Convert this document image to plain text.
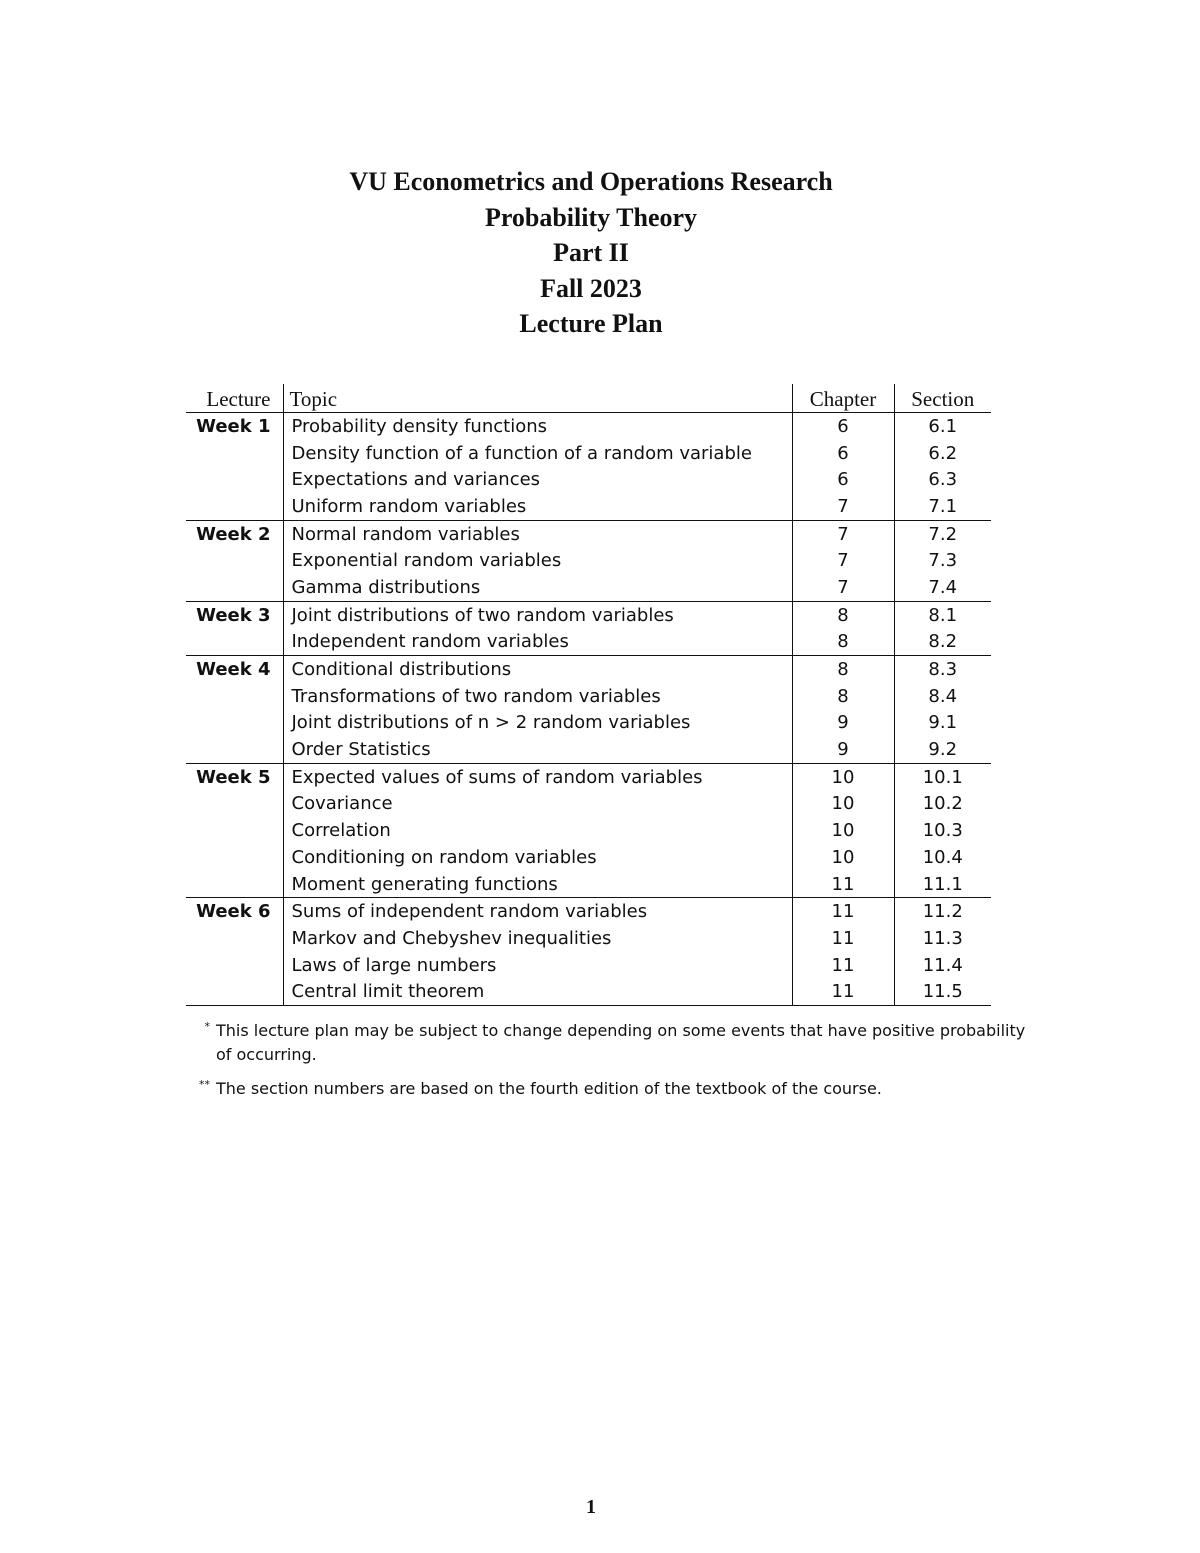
VU Econometrics and Operations Research
Probability Theory
Part II
Fall 2023
Lecture Plan
Lecture	Topic	Chapter	Section
Week 1	Probability density functions	6	6.1
	Density function of a function of a random variable	6	6.2
	Expectations and variances	6	6.3
	Uniform random variables	7	7.1
Week 2	Normal random variables	7	7.2
	Exponential random variables	7	7.3
	Gamma distributions	7	7.4
Week 3	Joint distributions of two random variables	8	8.1
	Independent random variables	8	8.2
Week 4	Conditional distributions	8	8.3
	Transformations of two random variables	8	8.4
	Joint distributions of n > 2 random variables	9	9.1
	Order Statistics	9	9.2
Week 5	Expected values of sums of random variables	10	10.1
	Covariance	10	10.2
	Correlation	10	10.3
	Conditioning on random variables	10	10.4
	Moment generating functions	11	11.1
Week 6	Sums of independent random variables	11	11.2
	Markov and Chebyshev inequalities	11	11.3
	Laws of large numbers	11	11.4
	Central limit theorem	11	11.5
* This lecture plan may be subject to change depending on some events that have positive probability of occurring.
** The section numbers are based on the fourth edition of the textbook of the course.
1
